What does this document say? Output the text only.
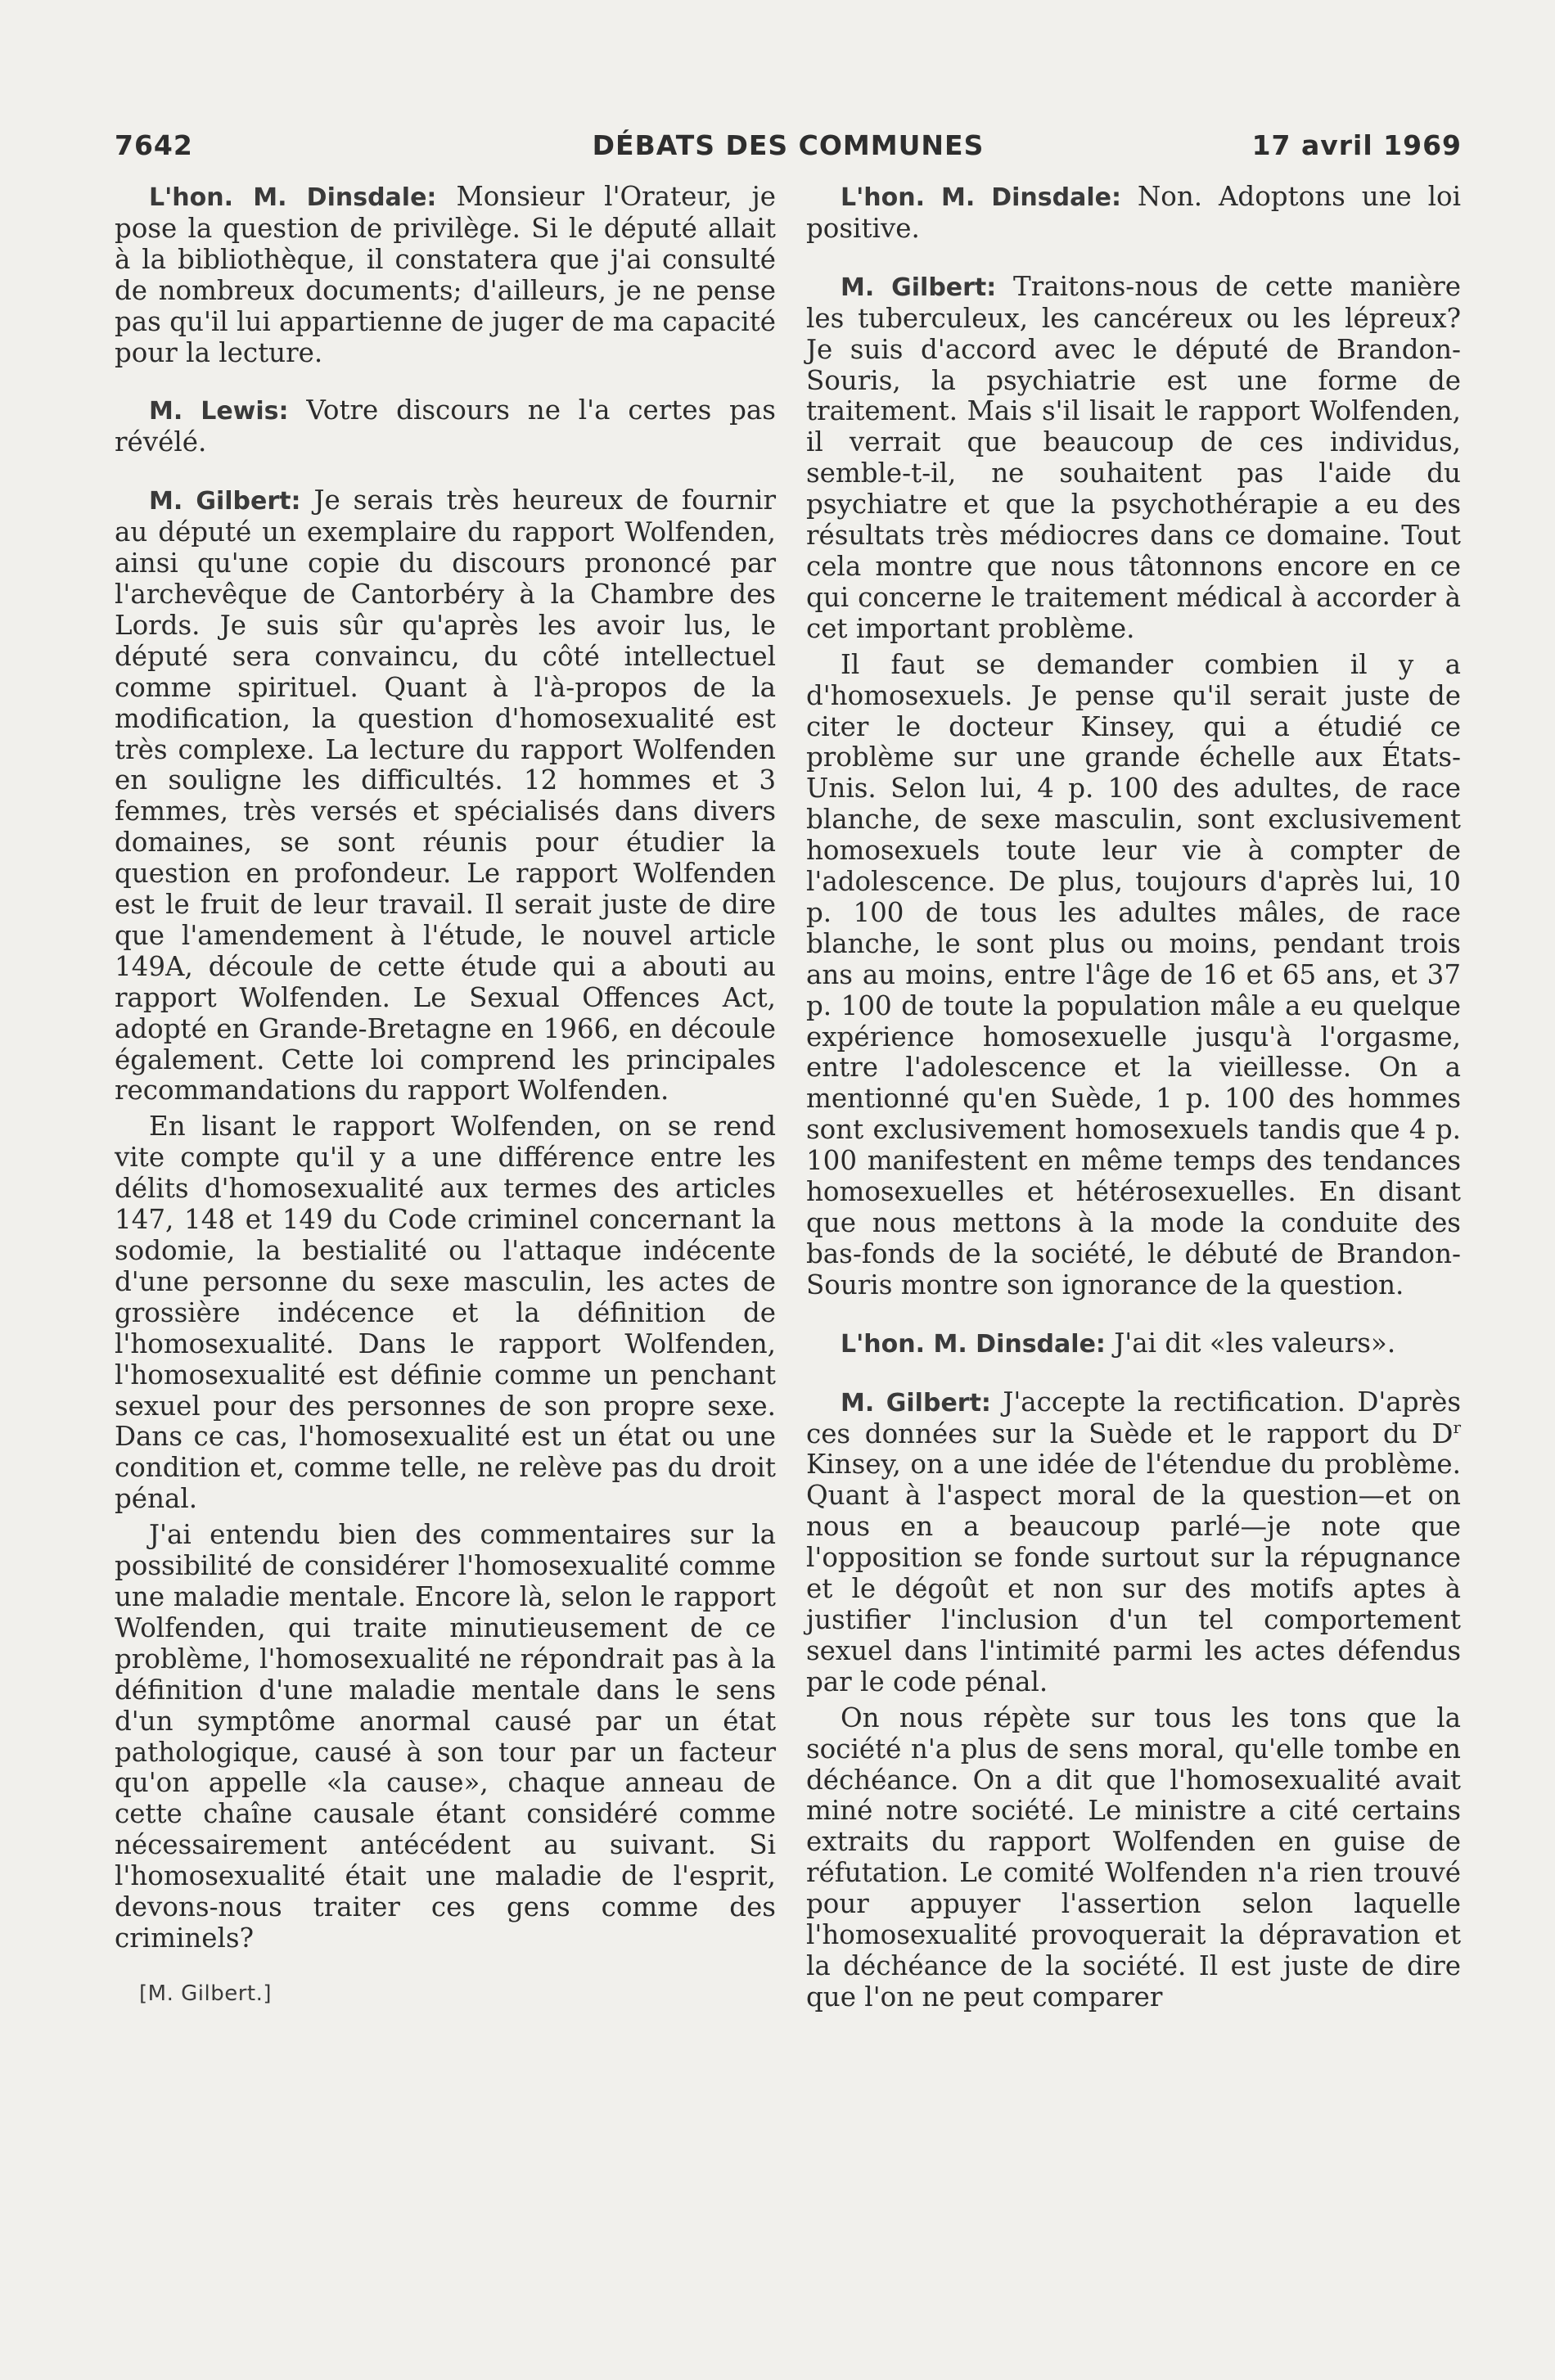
7642	DÉBATS DES COMMUNES	17 avril 1969

L'hon. M. Dinsdale: Monsieur l'Orateur, je pose la question de privilège. Si le député allait à la bibliothèque, il constatera que j'ai consulté de nombreux documents; d'ailleurs, je ne pense pas qu'il lui appartienne de juger de ma capacité pour la lecture.

M. Lewis: Votre discours ne l'a certes pas révélé.

M. Gilbert: Je serais très heureux de fournir au député un exemplaire du rapport Wolfenden, ainsi qu'une copie du discours prononcé par l'archevêque de Cantorbéry à la Chambre des Lords. Je suis sûr qu'après les avoir lus, le député sera convaincu, du côté intellectuel comme spirituel. Quant à l'à-propos de la modification, la question d'homosexualité est très complexe. La lecture du rapport Wolfenden en souligne les difficultés. 12 hommes et 3 femmes, très versés et spécialisés dans divers domaines, se sont réunis pour étudier la question en profondeur. Le rapport Wolfenden est le fruit de leur travail. Il serait juste de dire que l'amendement à l'étude, le nouvel article 149A, découle de cette étude qui a abouti au rapport Wolfenden. Le Sexual Offences Act, adopté en Grande-Bretagne en 1966, en découle également. Cette loi comprend les principales recommandations du rapport Wolfenden.

En lisant le rapport Wolfenden, on se rend vite compte qu'il y a une différence entre les délits d'homosexualité aux termes des articles 147, 148 et 149 du Code criminel concernant la sodomie, la bestialité ou l'attaque indécente d'une personne du sexe masculin, les actes de grossière indécence et la définition de l'homosexualité. Dans le rapport Wolfenden, l'homosexualité est définie comme un penchant sexuel pour des personnes de son propre sexe. Dans ce cas, l'homosexualité est un état ou une condition et, comme telle, ne relève pas du droit pénal.

J'ai entendu bien des commentaires sur la possibilité de considérer l'homosexualité comme une maladie mentale. Encore là, selon le rapport Wolfenden, qui traite minutieusement de ce problème, l'homosexualité ne répondrait pas à la définition d'une maladie mentale dans le sens d'un symptôme anormal causé par un état pathologique, causé à son tour par un facteur qu'on appelle «la cause», chaque anneau de cette chaîne causale étant considéré comme nécessairement antécédent au suivant. Si l'homosexualité était une maladie de l'esprit, devons-nous traiter ces gens comme des criminels?

[M. Gilbert.]

L'hon. M. Dinsdale: Non. Adoptons une loi positive.

M. Gilbert: Traitons-nous de cette manière les tuberculeux, les cancéreux ou les lépreux? Je suis d'accord avec le député de Brandon-Souris, la psychiatrie est une forme de traitement. Mais s'il lisait le rapport Wolfenden, il verrait que beaucoup de ces individus, semble-t-il, ne souhaitent pas l'aide du psychiatre et que la psychothérapie a eu des résultats très médiocres dans ce domaine. Tout cela montre que nous tâtonnons encore en ce qui concerne le traitement médical à accorder à cet important problème.

Il faut se demander combien il y a d'homosexuels. Je pense qu'il serait juste de citer le docteur Kinsey, qui a étudié ce problème sur une grande échelle aux États-Unis. Selon lui, 4 p. 100 des adultes, de race blanche, de sexe masculin, sont exclusivement homosexuels toute leur vie à compter de l'adolescence. De plus, toujours d'après lui, 10 p. 100 de tous les adultes mâles, de race blanche, le sont plus ou moins, pendant trois ans au moins, entre l'âge de 16 et 65 ans, et 37 p. 100 de toute la population mâle a eu quelque expérience homosexuelle jusqu'à l'orgasme, entre l'adolescence et la vieillesse. On a mentionné qu'en Suède, 1 p. 100 des hommes sont exclusivement homosexuels tandis que 4 p. 100 manifestent en même temps des tendances homosexuelles et hétérosexuelles. En disant que nous mettons à la mode la conduite des bas-fonds de la société, le débuté de Brandon-Souris montre son ignorance de la question.

L'hon. M. Dinsdale: J'ai dit «les valeurs».

M. Gilbert: J'accepte la rectification. D'après ces données sur la Suède et le rapport du $D^r$ Kinsey, on a une idée de l'étendue du problème. Quant à l'aspect moral de la question—et on nous en a beaucoup parlé—je note que l'opposition se fonde surtout sur la répugnance et le dégoût et non sur des motifs aptes à justifier l'inclusion d'un tel comportement sexuel dans l'intimité parmi les actes défendus par le code pénal.

On nous répète sur tous les tons que la société n'a plus de sens moral, qu'elle tombe en déchéance. On a dit que l'homosexualité avait miné notre société. Le ministre a cité certains extraits du rapport Wolfenden en guise de réfutation. Le comité Wolfenden n'a rien trouvé pour appuyer l'assertion selon laquelle l'homosexualité provoquerait la dépravation et la déchéance de la société. Il est juste de dire que l'on ne peut comparer
